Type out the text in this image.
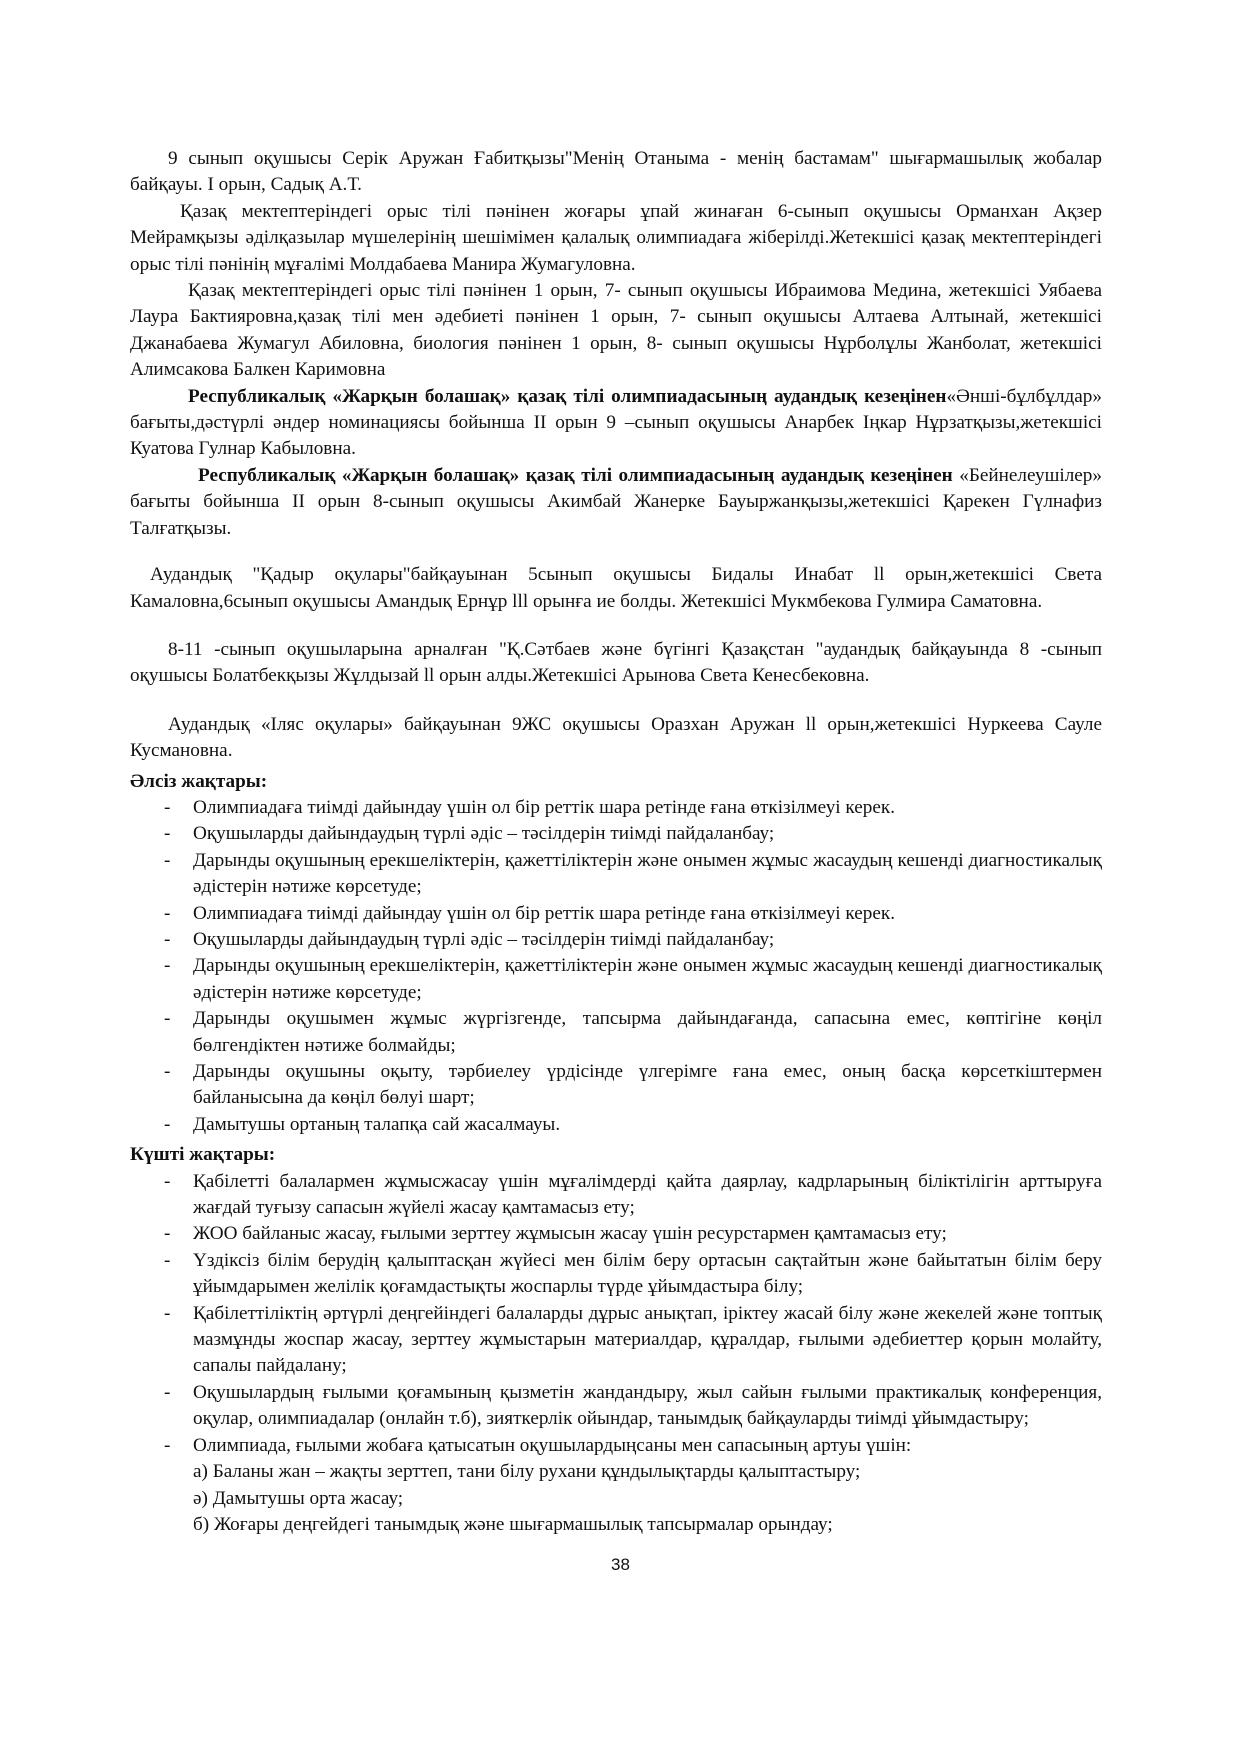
9 сынып оқушысы Серік Аружан Ғабитқызы"Менің Отаныма - менің бастамам" шығармашылық жобалар байқауы. I орын, Садық А.Т.

Қазақ мектептеріндегі орыс тілі пәнінен жоғары ұпай жинаған 6-сынып оқушысы Орманхан Ақзер Мейрамқызы әділқазылар мүшелерінің шешімімен қалалық олимпиадаға жіберілді.Жетекшісі қазақ мектептеріндегі орыс тілі пәнінің мұғалімі Молдабаева Манира Жумагуловна.

Қазақ мектептеріндегі орыс тілі пәнінен 1 орын, 7- сынып оқушысы Ибраимова Медина, жетекшісі Уябаева Лаура Бактияровна,қазақ тілі мен әдебиеті пәнінен 1 орын, 7- сынып оқушысы Алтаева Алтынай, жетекшісі Джанабаева Жумагул Абиловна, биология пәнінен 1 орын, 8- сынып оқушысы Нұрболұлы Жанболат, жетекшісі Алимсакова Балкен Каримовна

Республикалық «Жарқын болашақ» қазақ тілі олимпиадасының аудандық кезеңінен«Әнші-бұлбұлдар» бағыты,дәстүрлі әндер номинациясы бойынша II орын 9 –сынып оқушысы Анарбек Іңкар Нұрзатқызы,жетекшісі Куатова Гулнар Кабыловна.

Республикалық «Жарқын болашақ» қазақ тілі олимпиадасының аудандық кезеңінен «Бейнелеушілер» бағыты бойынша II орын 8-сынып оқушысы Акимбай Жанерке Бауыржанқызы,жетекшісі Қарекен Гүлнафиз Талғатқызы.

Аудандық "Қадыр оқулары"байқауынан 5сынып оқушысы Бидалы Инабат ll орын,жетекшісі Света Камаловна,6сынып оқушысы Амандық Ернұр lll орынға ие болды. Жетекшісі Мукмбекова Гулмира Саматовна.

8-11 -сынып оқушыларына арналған "Қ.Сәтбаев және бүгінгі Қазақстан "аудандық байқауында 8 -сынып оқушысы Болатбекқызы Жұлдызай ll орын алды.Жетекшісі Арынова Света Кенесбековна.

Аудандық «Іляс оқулары» байқауынан 9ЖС оқушысы Оразхан Аружан ll орын,жетекшісі Нуркеева Сауле Кусмановна.

Әлсіз жақтары:
- Олимпиадаға тиімді дайындау үшін ол бір реттік шара ретінде ғана өткізілмеуі керек.
- Оқушыларды дайындаудың түрлі әдіс – тәсілдерін тиімді пайдаланбау;
- Дарынды оқушының ерекшеліктерін, қажеттіліктерін және онымен жұмыс жасаудың кешенді диагностикалық әдістерін нәтиже көрсетуде;
- Олимпиадаға тиімді дайындау үшін ол бір реттік шара ретінде ғана өткізілмеуі керек.
- Оқушыларды дайындаудың түрлі әдіс – тәсілдерін тиімді пайдаланбау;
- Дарынды оқушының ерекшеліктерін, қажеттіліктерін және онымен жұмыс жасаудың кешенді диагностикалық әдістерін нәтиже көрсетуде;
- Дарынды оқушымен жұмыс жүргізгенде, тапсырма дайындағанда, сапасына емес, көптігіне көңіл бөлгендіктен нәтиже болмайды;
- Дарынды оқушыны оқыту, тәрбиелеу үрдісінде үлгерімге ғана емес, оның басқа көрсеткіштермен байланысына да көңіл бөлуі шарт;
- Дамытушы ортаның талапқа сай жасалмауы.
Күшті жақтары:
- Қабілетті балалармен жұмысжасау үшін мұғалімдерді қайта даярлау, кадрларының біліктілігін арттыруға жағдай туғызу сапасын жүйелі жасау қамтамасыз ету;
- ЖОО байланыс жасау, ғылыми зерттеу жұмысын жасау үшін ресурстармен қамтамасыз ету;
- Үздіксіз білім берудің қалыптасқан жүйесі мен білім беру ортасын сақтайтын және байытатын білім беру ұйымдарымен желілік қоғамдастықты жоспарлы түрде ұйымдастыра білу;
- Қабілеттіліктің әртүрлі деңгейіндегі балаларды дұрыс анықтап, іріктеу жасай білу және жекелей және топтық мазмұнды жоспар жасау, зерттеу жұмыстарын материалдар, құралдар, ғылыми әдебиеттер қорын молайту, сапалы пайдалану;
- Оқушылардың ғылыми қоғамының қызметін жандандыру, жыл сайын ғылыми практикалық конференция, оқулар, олимпиадалар (онлайн т.б), зияткерлік ойындар, танымдық байқауларды тиімді ұйымдастыру;
- Олимпиада, ғылыми жобаға қатысатын оқушылардыңсаны мен сапасының артуы үшін:
а) Баланы жан – жақты зерттеп, тани білу рухани құндылықтарды қалыптастыру;
ә) Дамытушы орта жасау;
б) Жоғары деңгейдегі танымдық және шығармашылық тапсырмалар орындау;
38
